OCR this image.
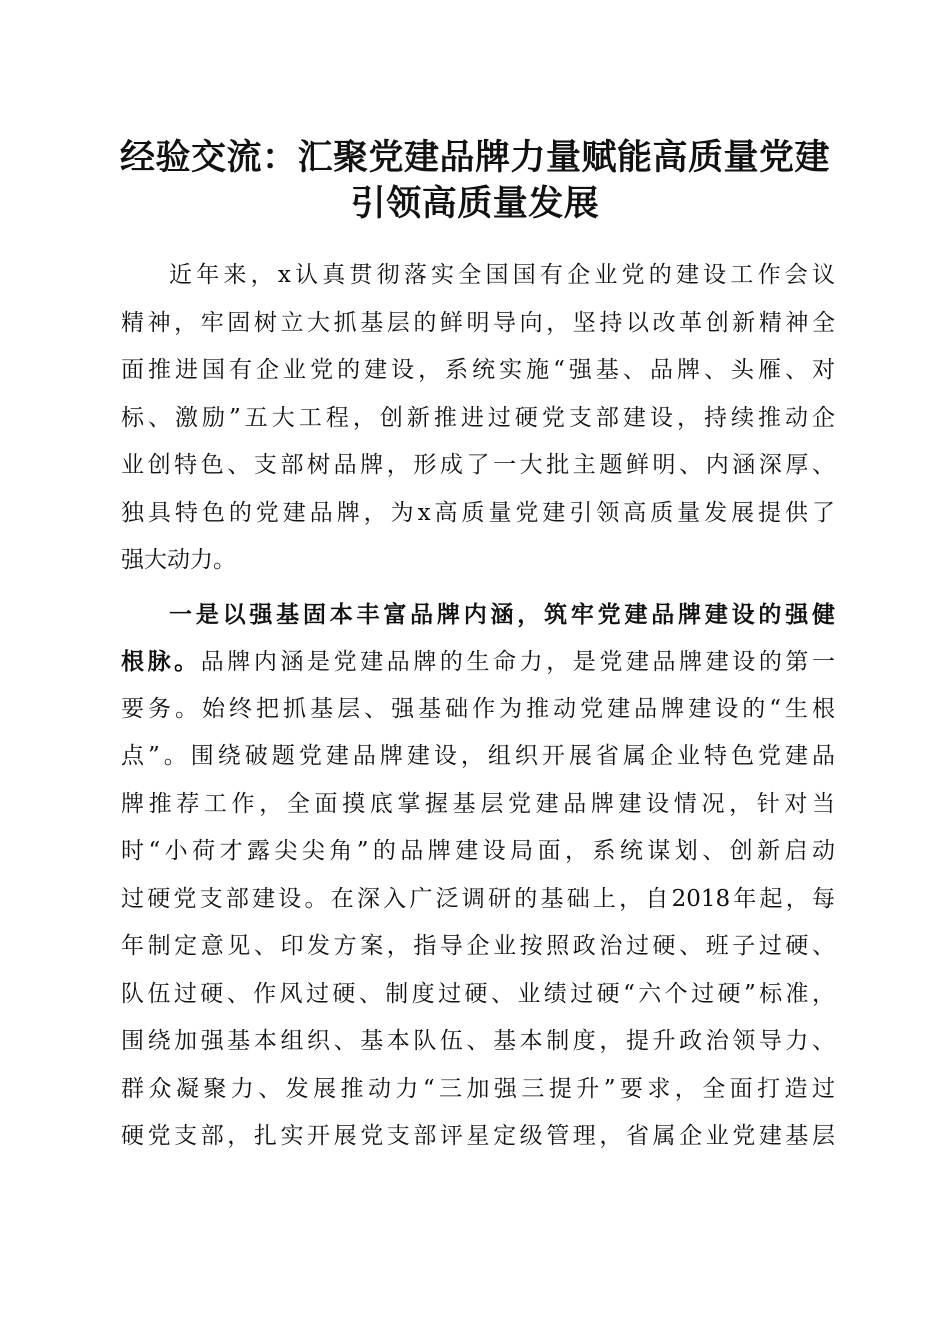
经验交流：汇聚党建品牌力量赋能高质量党建
引领高质量发展
近年来，x认真贯彻落实全国国有企业党的建设工作会议
精神，牢固树立大抓基层的鲜明导向，坚持以改革创新精神全
面推进国有企业党的建设，系统实施“强基、品牌、头雁、对
标、激励”五大工程，创新推进过硬党支部建设，持续推动企
业创特色、支部树品牌，形成了一大批主题鲜明、内涵深厚、
独具特色的党建品牌，为x高质量党建引领高质量发展提供了
强大动力。
一是以强基固本丰富品牌内涵，筑牢党建品牌建设的强健
根脉。品牌内涵是党建品牌的生命力，是党建品牌建设的第一
要务。始终把抓基层、强基础作为推动党建品牌建设的“生根
点”。围绕破题党建品牌建设，组织开展省属企业特色党建品
牌推荐工作，全面摸底掌握基层党建品牌建设情况，针对当
时“小荷才露尖尖角”的品牌建设局面，系统谋划、创新启动
过硬党支部建设。在深入广泛调研的基础上，自2018年起，每
年制定意见、印发方案，指导企业按照政治过硬、班子过硬、
队伍过硬、作风过硬、制度过硬、业绩过硬“六个过硬”标准，
围绕加强基本组织、基本队伍、基本制度，提升政治领导力、
群众凝聚力、发展推动力“三加强三提升”要求，全面打造过
硬党支部，扎实开展党支部评星定级管理，省属企业党建基层
